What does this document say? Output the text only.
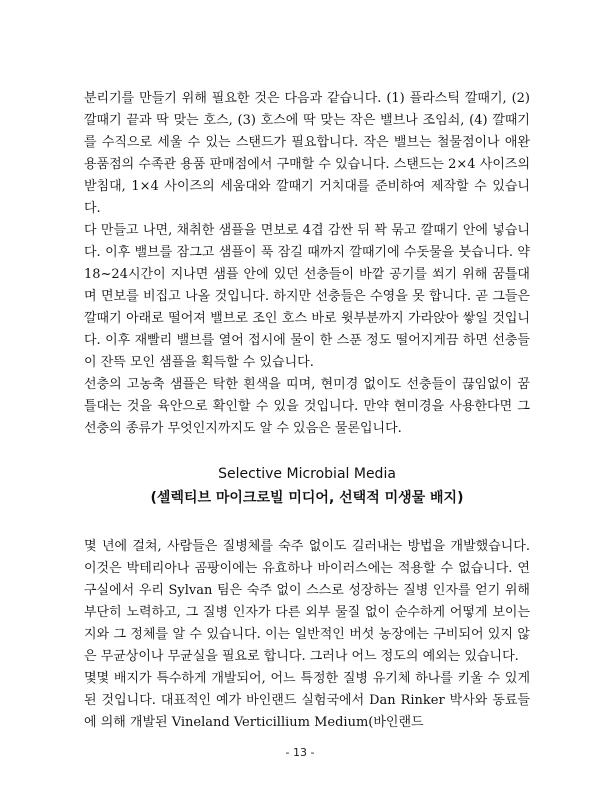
분리기를 만들기 위해 필요한 것은 다음과 같습니다. (1) 플라스틱 깔때기, (2) 깔때기 끝과 딱 맞는 호스, (3) 호스에 딱 맞는 작은 밸브나 조임쇠, (4) 깔때기를 수직으로 세울 수 있는 스탠드가 필요합니다. 작은 밸브는 철물점이나 애완용품점의 수족관 용품 판매점에서 구매할 수 있습니다. 스탠드는 2×4 사이즈의 받침대, 1×4 사이즈의 세움대와 깔때기 거치대를 준비하여 제작할 수 있습니다.

다 만들고 나면, 채취한 샘플을 면보로 4겹 감싼 뒤 꽉 묶고 깔때기 안에 넣습니다. 이후 밸브를 잠그고 샘플이 푹 잠길 때까지 깔때기에 수돗물을 붓습니다. 약 18~24시간이 지나면 샘플 안에 있던 선충들이 바깥 공기를 쐬기 위해 꿈틀대며 면보를 비집고 나올 것입니다. 하지만 선충들은 수영을 못 합니다. 곧 그들은 깔때기 아래로 떨어져 밸브로 조인 호스 바로 윗부분까지 가라앉아 쌓일 것입니다. 이후 재빨리 밸브를 열어 접시에 물이 한 스푼 정도 떨어지게끔 하면 선충들이 잔뜩 모인 샘플을 획득할 수 있습니다.

선충의 고농축 샘플은 탁한 흰색을 띠며, 현미경 없이도 선충들이 끊임없이 꿈틀대는 것을 육안으로 확인할 수 있을 것입니다. 만약 현미경을 사용한다면 그 선충의 종류가 무엇인지까지도 알 수 있음은 물론입니다.

Selective Microbial Media
(셀렉티브 마이크로빌 미디어, 선택적 미생물 배지)

몇 년에 걸쳐, 사람들은 질병체를 숙주 없이도 길러내는 방법을 개발했습니다. 이것은 박테리아나 곰팡이에는 유효하나 바이러스에는 적용할 수 없습니다. 연구실에서 우리 Sylvan 팀은 숙주 없이 스스로 성장하는 질병 인자를 얻기 위해 부단히 노력하고, 그 질병 인자가 다른 외부 물질 없이 순수하게 어떻게 보이는지와 그 정체를 알 수 있습니다. 이는 일반적인 버섯 농장에는 구비되어 있지 않은 무균상이나 무균실을 필요로 합니다. 그러나 어느 정도의 예외는 있습니다.

몇몇 배지가 특수하게 개발되어, 어느 특정한 질병 유기체 하나를 키울 수 있게 된 것입니다. 대표적인 예가 바인랜드 실험국에서 Dan Rinker 박사와 동료들에 의해 개발된 Vineland Verticillium Medium(바인랜드

- 13 -
